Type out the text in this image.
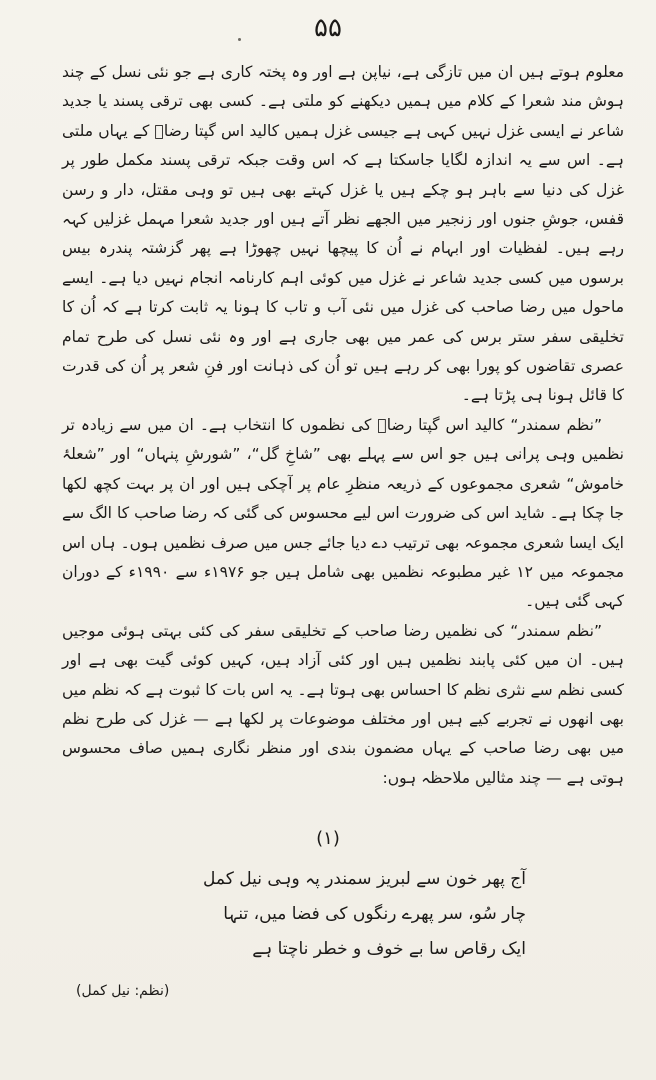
۵۵

معلوم ہوتے ہیں ان میں تازگی ہے، نیاپن ہے اور وہ پختہ کاری ہے جو نئی نسل کے چند ہوش مند شعرا کے کلام میں ہمیں دیکھنے کو ملتی ہے۔ کسی بھی ترقی پسند یا جدید شاعر نے ایسی غزل نہیں کہی ہے جیسی غزل ہمیں کالید اس گپتا رضاؔ کے یہاں ملتی ہے۔ اس سے یہ اندازہ لگایا جاسکتا ہے کہ اس وقت جبکہ ترقی پسند مکمل طور پر غزل کی دنیا سے باہر ہو چکے ہیں یا غزل کہتے بھی ہیں تو وہی مقتل، دار و رسن قفس، جوشِ جنوں اور زنجیر میں الجھے نظر آتے ہیں اور جدید شعرا مہمل غزلیں کہہ رہے ہیں۔ لفظیات اور ابہام نے اُن کا پیچھا نہیں چھوڑا ہے پھر گزشتہ پندرہ بیس برسوں میں کسی جدید شاعر نے غزل میں کوئی اہم کارنامہ انجام نہیں دیا ہے۔ ایسے ماحول میں رضا صاحب کی غزل میں نئی آب و تاب کا ہونا یہ ثابت کرتا ہے کہ اُن کا تخلیقی سفر ستر برس کی عمر میں بھی جاری ہے اور وہ نئی نسل کی طرح تمام عصری تقاضوں کو پورا بھی کر رہے ہیں تو اُن کی ذہانت اور فنِ شعر پر اُن کی قدرت کا قائل ہونا ہی پڑتا ہے۔

”نظم سمندر“ کالید اس گپتا رضاؔ کی نظموں کا انتخاب ہے۔ ان میں سے زیادہ تر نظمیں وہی پرانی ہیں جو اس سے پہلے بھی ”شاخِ گل“، ”شورشِ پنہاں“ اور ”شعلۂ خاموش“ شعری مجموعوں کے ذریعہ منظرِ عام پر آچکی ہیں اور ان پر بہت کچھ لکھا جا چکا ہے۔ شاید اس کی ضرورت اس لیے محسوس کی گئی کہ رضا صاحب کا الگ سے ایک ایسا شعری مجموعہ بھی ترتیب دے دیا جائے جس میں صرف نظمیں ہوں۔ ہاں اس مجموعہ میں ۱۲ غیر مطبوعہ نظمیں بھی شامل ہیں جو ۱۹۷۶ء سے ۱۹۹۰ء کے دوران کہی گئی ہیں۔

”نظم سمندر“ کی نظمیں رضا صاحب کے تخلیقی سفر کی کئی بہتی ہوئی موجیں ہیں۔ ان میں کئی پابند نظمیں ہیں اور کئی آزاد ہیں، کہیں کوئی گیت بھی ہے اور کسی نظم سے نثری نظم کا احساس بھی ہوتا ہے۔ یہ اس بات کا ثبوت ہے کہ نظم میں بھی انھوں نے تجربے کیے ہیں اور مختلف موضوعات پر لکھا ہے — غزل کی طرح نظم میں بھی رضا صاحب کے یہاں مضمون بندی اور منظر نگاری ہمیں صاف محسوس ہوتی ہے — چند مثالیں ملاحظہ ہوں:

(۱)
آج پھر خون سے لبریز سمندر پہ وہی نیل کمل
چار سُو، سر پھرے رنگوں کی فضا میں، تنہا
ایک رقاص سا بے خوف و خطر ناچتا ہے
(نظم: نیل کمل)
